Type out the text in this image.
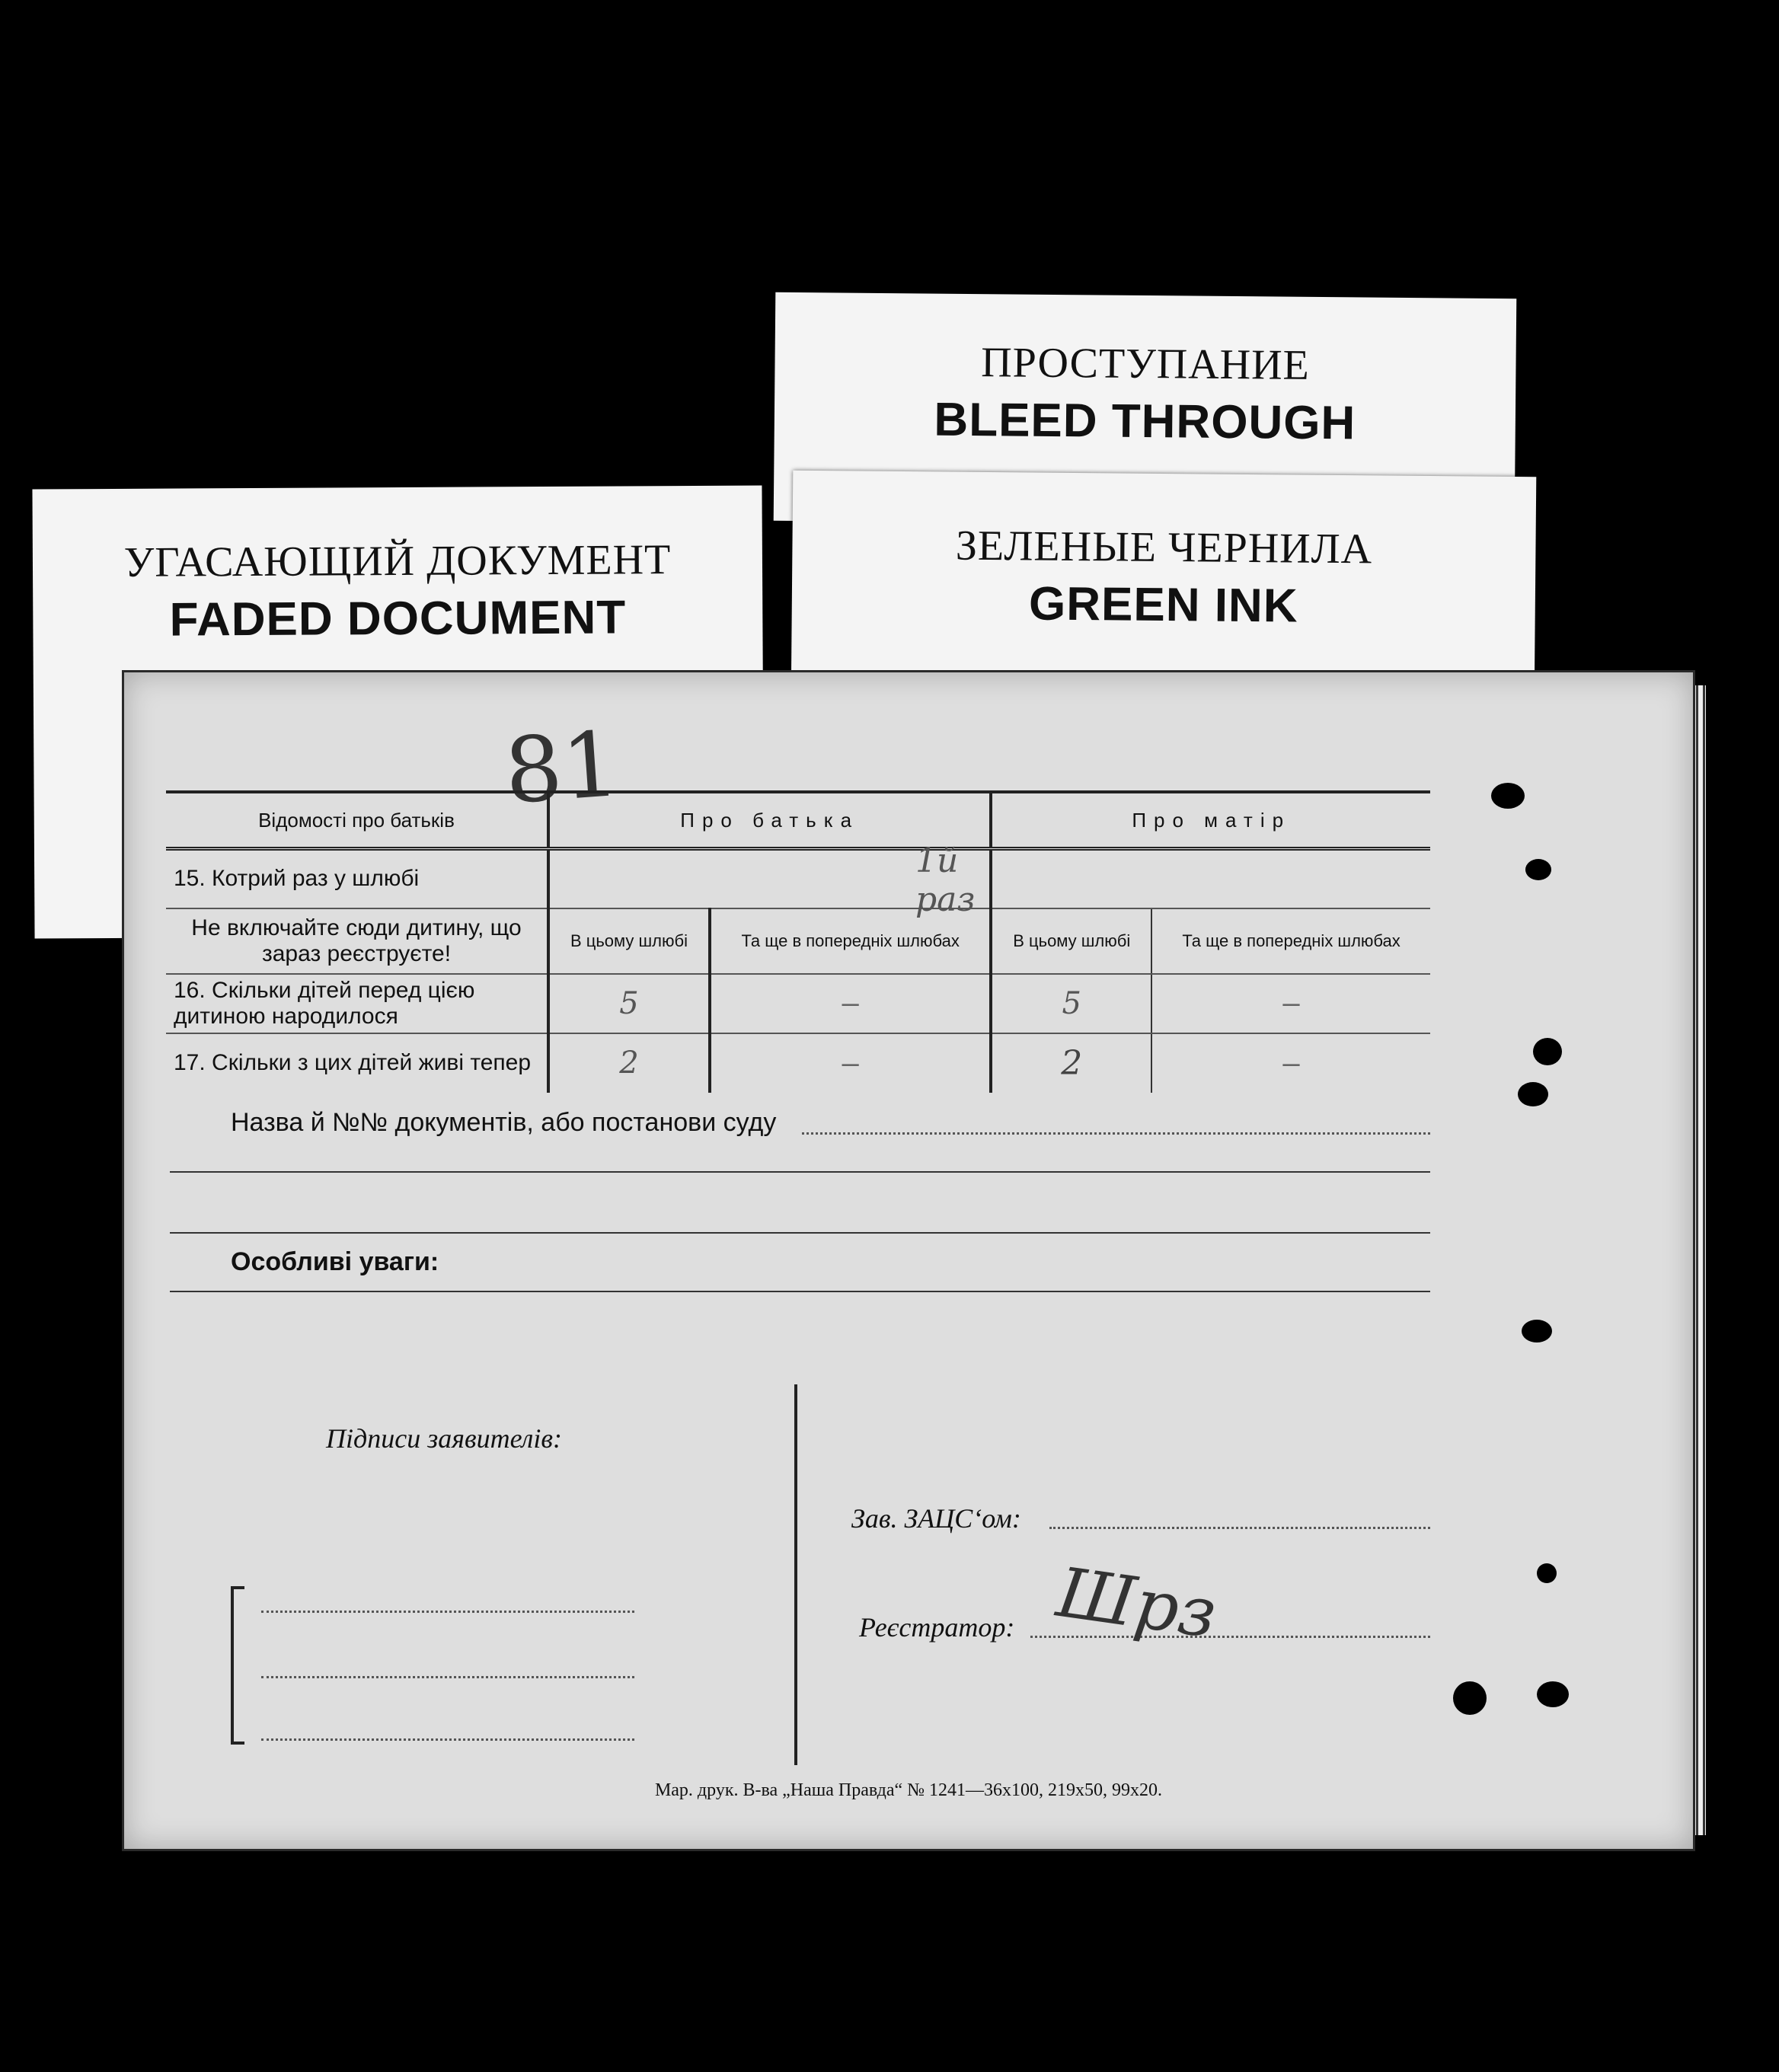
УГАСАЮЩИЙ ДОКУМЕНТ
FADED DOCUMENT
ПРОСТУПАНИЕ
BLEED THROUGH
ЗЕЛЕНЫЕ ЧЕРНИЛА
GREEN INK
81
Відомості про батьків	Про батька		Про матір	
15. Котрий раз у шлюбі	1й раз			

Не включайте сюди дитину, що зараз реєструєте!	В цьому шлюбі	Та ще в попередніх шлюбах	В цьому шлюбі	Та ще в попередніх шлюбах
16. Скільки дітей перед цією дитиною народилося	5	–	5	–
17. Скільки з цих дітей живі тепер	2	–	2	–
Назва й №№ документів, або постанови суду
Особливі уваги:
Підписи заявителів:
Зав. ЗАЦС‘ом:
Реєстратор: Шрз
Мар. друк. В-ва „Наша Правда“ № 1241—36х100, 219х50, 99х20.
